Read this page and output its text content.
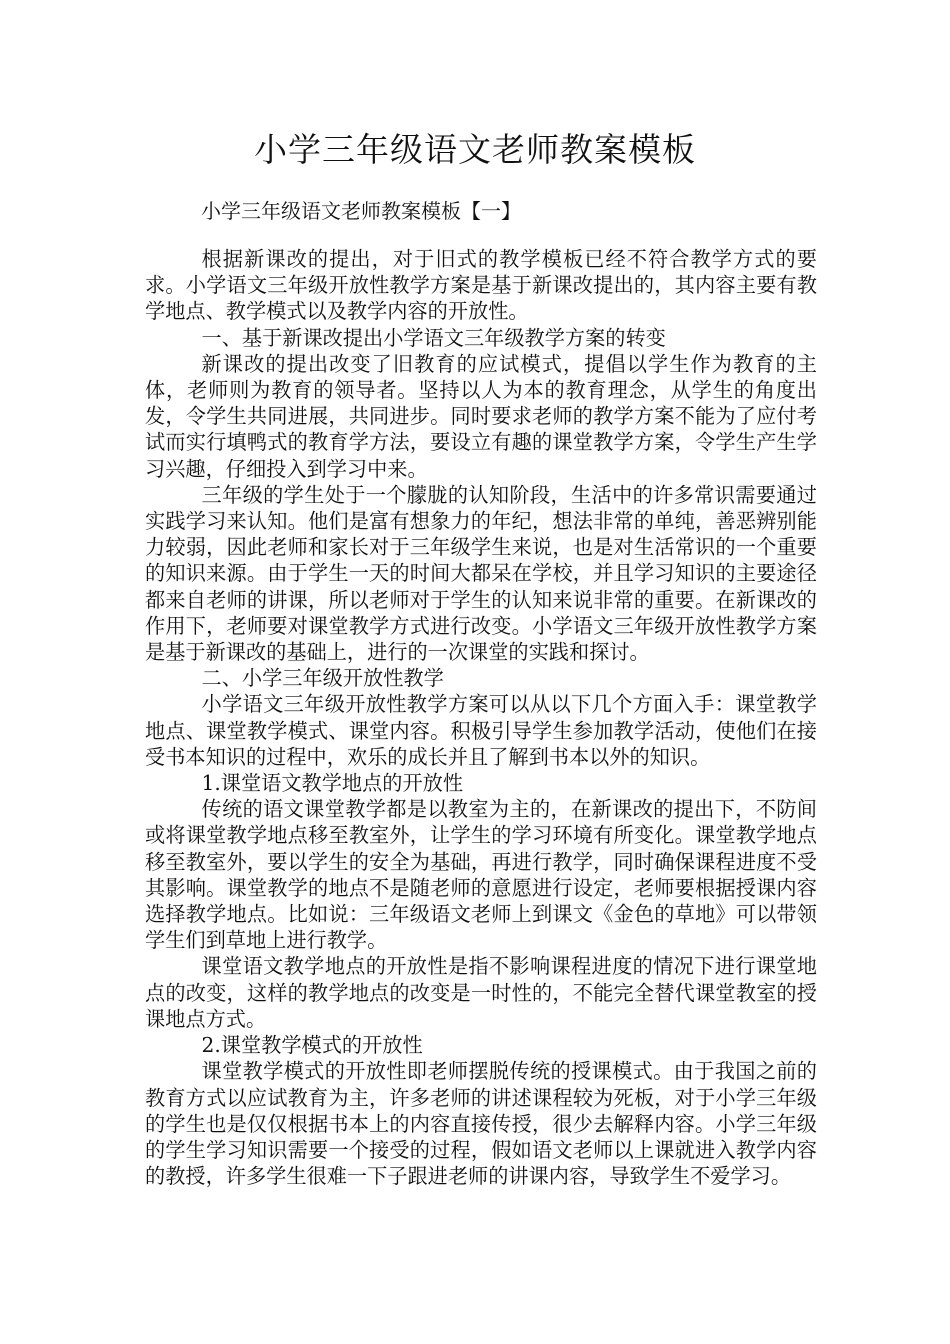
小学三年级语文老师教案模板
小学三年级语文老师教案模板【一】

根据新课改的提出，对于旧式的教学模板已经不符合教学方式的要求。小学语文三年级开放性教学方案是基于新课改提出的，其内容主要有教学地点、教学模式以及教学内容的开放性。

一、基于新课改提出小学语文三年级教学方案的转变

新课改的提出改变了旧教育的应试模式，提倡以学生作为教育的主体，老师则为教育的领导者。坚持以人为本的教育理念，从学生的角度出发，令学生共同进展，共同进步。同时要求老师的教学方案不能为了应付考试而实行填鸭式的教育学方法，要设立有趣的课堂教学方案，令学生产生学习兴趣，仔细投入到学习中来。

三年级的学生处于一个朦胧的认知阶段，生活中的许多常识需要通过实践学习来认知。他们是富有想象力的年纪，想法非常的单纯，善恶辨别能力较弱，因此老师和家长对于三年级学生来说，也是对生活常识的一个重要的知识来源。由于学生一天的时间大都呆在学校，并且学习知识的主要途径都来自老师的讲课，所以老师对于学生的认知来说非常的重要。在新课改的作用下，老师要对课堂教学方式进行改变。小学语文三年级开放性教学方案是基于新课改的基础上，进行的一次课堂的实践和探讨。

二、小学三年级开放性教学

小学语文三年级开放性教学方案可以从以下几个方面入手：课堂教学地点、课堂教学模式、课堂内容。积极引导学生参加教学活动，使他们在接受书本知识的过程中，欢乐的成长并且了解到书本以外的知识。

1.课堂语文教学地点的开放性

传统的语文课堂教学都是以教室为主的，在新课改的提出下，不防间或将课堂教学地点移至教室外，让学生的学习环境有所变化。课堂教学地点移至教室外，要以学生的安全为基础，再进行教学，同时确保课程进度不受其影响。课堂教学的地点不是随老师的意愿进行设定，老师要根据授课内容选择教学地点。比如说：三年级语文老师上到课文《金色的草地》可以带领学生们到草地上进行教学。

课堂语文教学地点的开放性是指不影响课程进度的情况下进行课堂地点的改变，这样的教学地点的改变是一时性的，不能完全替代课堂教室的授课地点方式。

2.课堂教学模式的开放性

课堂教学模式的开放性即老师摆脱传统的授课模式。由于我国之前的教育方式以应试教育为主，许多老师的讲述课程较为死板，对于小学三年级的学生也是仅仅根据书本上的内容直接传授，很少去解释内容。小学三年级的学生学习知识需要一个接受的过程，假如语文老师以上课就进入教学内容的教授，许多学生很难一下子跟进老师的讲课内容，导致学生不爱学习。
